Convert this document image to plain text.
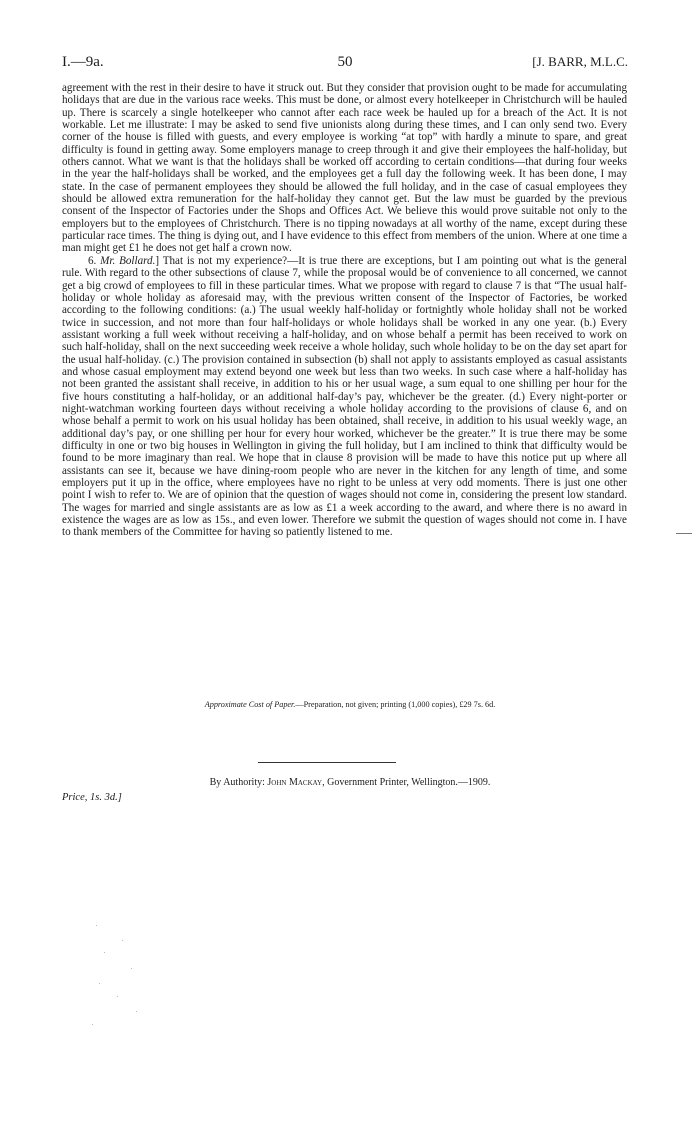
I.—9a.	50	[J. BARR, M.L.C.

agreement with the rest in their desire to have it struck out. But they consider that provision ought to be made for accumulating holidays that are due in the various race weeks. This must be done, or almost every hotelkeeper in Christchurch will be hauled up. There is scarcely a single hotelkeeper who cannot after each race week be hauled up for a breach of the Act. It is not workable. Let me illustrate: I may be asked to send five unionists along during these times, and I can only send two. Every corner of the house is filled with guests, and every employee is working “at top” with hardly a minute to spare, and great difficulty is found in getting away. Some employers manage to creep through it and give their employees the half-holiday, but others cannot. What we want is that the holidays shall be worked off according to certain conditions—that during four weeks in the year the half-holidays shall be worked, and the employees get a full day the following week. It has been done, I may state. In the case of permanent employees they should be allowed the full holiday, and in the case of casual employees they should be allowed extra remuneration for the half-holiday they cannot get. But the law must be guarded by the previous consent of the Inspector of Factories under the Shops and Offices Act. We believe this would prove suitable not only to the employers but to the employees of Christchurch. There is no tipping nowadays at all worthy of the name, except during these particular race times. The thing is dying out, and I have evidence to this effect from members of the union. Where at one time a man might get £1 he does not get half a crown now.

6. Mr. Bollard.] That is not my experience?—It is true there are exceptions, but I am pointing out what is the general rule. With regard to the other subsections of clause 7, while the proposal would be of convenience to all concerned, we cannot get a big crowd of employees to fill in these particular times. What we propose with regard to clause 7 is that “The usual half-holiday or whole holiday as aforesaid may, with the previous written consent of the Inspector of Factories, be worked according to the following conditions: (a.) The usual weekly half-holiday or fortnightly whole holiday shall not be worked twice in succession, and not more than four half-holidays or whole holidays shall be worked in any one year. (b.) Every assistant working a full week without receiving a half-holiday, and on whose behalf a permit has been received to work on such half-holiday, shall on the next succeeding week receive a whole holiday, such whole holiday to be on the day set apart for the usual half-holiday. (c.) The provision contained in subsection (b) shall not apply to assistants employed as casual assistants and whose casual employment may extend beyond one week but less than two weeks. In such case where a half-holiday has not been granted the assistant shall receive, in addition to his or her usual wage, a sum equal to one shilling per hour for the five hours constituting a half-holiday, or an additional half-day’s pay, whichever be the greater. (d.) Every night-porter or night-watchman working fourteen days without receiving a whole holiday according to the provisions of clause 6, and on whose behalf a permit to work on his usual holiday has been obtained, shall receive, in addition to his usual weekly wage, an additional day’s pay, or one shilling per hour for every hour worked, whichever be the greater.” It is true there may be some difficulty in one or two big houses in Wellington in giving the full holiday, but I am inclined to think that difficulty would be found to be more imaginary than real. We hope that in clause 8 provision will be made to have this notice put up where all assistants can see it, because we have dining-room people who are never in the kitchen for any length of time, and some employers put it up in the office, where employees have no right to be unless at very odd moments. There is just one other point I wish to refer to. We are of opinion that the question of wages should not come in, considering the present low standard. The wages for married and single assistants are as low as £1 a week according to the award, and where there is no award in existence the wages are as low as 15s., and even lower. Therefore we submit the question of wages should not come in. I have to thank members of the Committee for having so patiently listened to me.

Approximate Cost of Paper.—Preparation, not given; printing (1,000 copies), £29 7s. 6d.
By Authority: John Mackay, Government Printer, Wellington.—1909.
Price, 1s. 3d.]
